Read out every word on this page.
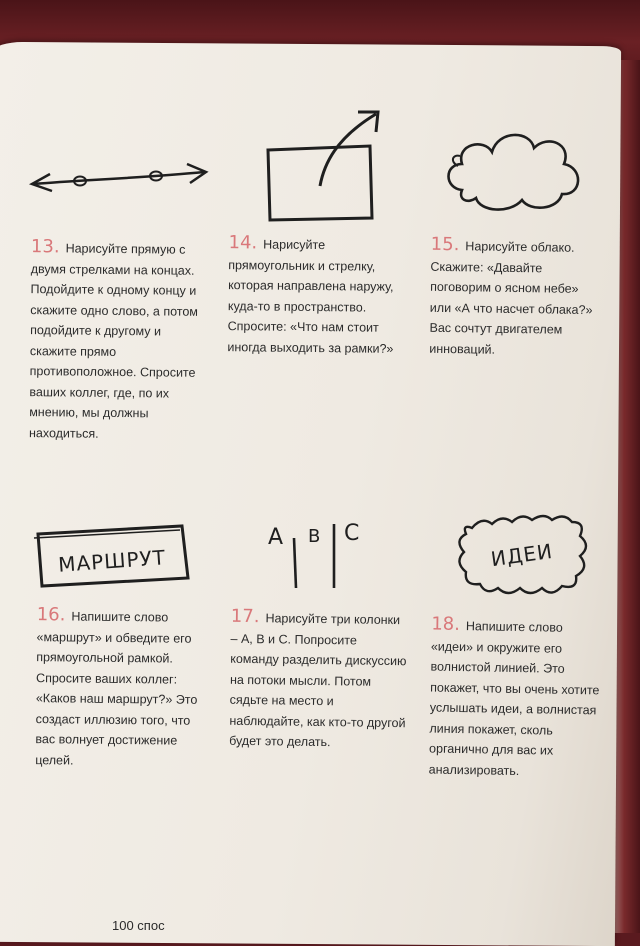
МАРШРУТ
A B C
ИДЕИ
13. Нарисуйте прямую с двумя стрелками на концах. Подойдите к одному концу и скажите одно слово, а потом подойдите к другому и скажите прямо противоположное. Спросите ваших коллег, где, по их мнению, мы должны находиться.
14. Нарисуйте прямоугольник и стрелку, которая направлена наружу, куда-то в пространство. Спросите: «Что нам стоит иногда выходить за рамки?»
15. Нарисуйте облако. Скажите: «Давайте поговорим о ясном небе» или «А что насчет облака?» Вас сочтут двигателем инноваций.
16. Напишите слово «маршрут» и обведите его прямоугольной рамкой. Спросите ваших коллег: «Каков наш маршрут?» Это создаст иллюзию того, что вас волнует достижение целей.
17. Нарисуйте три колонки – A, B и C. Попросите команду разделить дискуссию на потоки мысли. Потом сядьте на место и наблюдайте, как кто-то другой будет это делать.
18. Напишите слово «идеи» и окружите его волнистой линией. Это покажет, что вы очень хотите услышать идеи, а волнистая линия покажет, сколь органично для вас их анализировать.
100 спос
